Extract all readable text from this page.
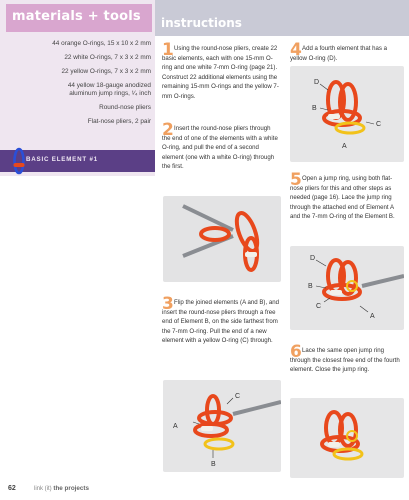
materials + tools
44 orange O-rings, 15 x 10 x 2 mm
22 white O-rings, 7 x 3 x 2 mm
22 yellow O-rings, 7 x 3 x 2 mm
44 yellow 18-gauge anodized aluminum jump rings, ¹⁄₄ inch
Round-nose pliers
Flat-nose pliers, 2 pair
BASIC ELEMENT #1
instructions
1 Using the round-nose pliers, create 22 basic elements, each with one 15-mm O-ring and one white 7-mm O-ring (page 21). Construct 22 additional elements using the remaining 15-mm O-rings and the yellow 7-mm O-rings.
2 Insert the round-nose pliers through the end of one of the elements with a white O-ring, and pull the end of a second element (one with a white O-ring) through the first.
3 Flip the joined elements (A and B), and insert the round-nose pliers through a free end of Element B, on the side farthest from the 7-mm O-ring. Pull the end of a new element with a yellow O-ring (C) through.
C
A
B
4 Add a fourth element that has a yellow O-ring (D).
D
B
C
A
5 Open a jump ring, using both flat-nose pliers for this and other steps as needed (page 16). Lace the jump ring through the attached end of Element A and the 7-mm O-ring of the Element B.
D
B
C
A
6 Lace the same open jump ring through the closest free end of the fourth element. Close the jump ring.
62	link (it) the projects
